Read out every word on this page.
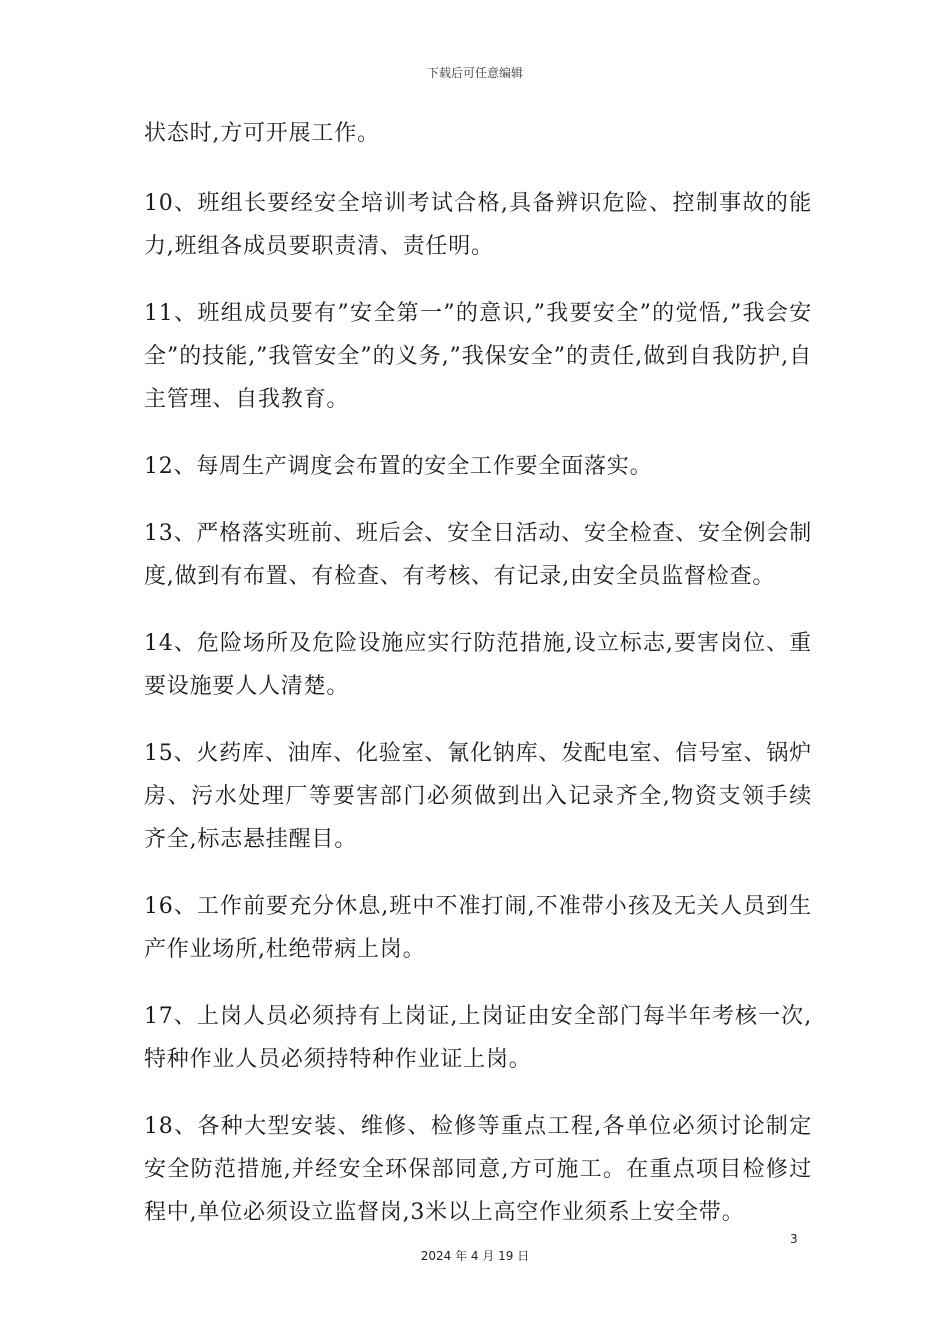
下载后可任意编辑

状态时,方可开展工作。

10、班组长要经安全培训考试合格,具备辨识危险、控制事故的能力,班组各成员要职责清、责任明。

11、班组成员要有”安全第一”的意识,”我要安全”的觉悟,”我会安全”的技能,”我管安全”的义务,”我保安全”的责任,做到自我防护,自主管理、自我教育。

12、每周生产调度会布置的安全工作要全面落实。

13、严格落实班前、班后会、安全日活动、安全检查、安全例会制度,做到有布置、有检查、有考核、有记录,由安全员监督检查。

14、危险场所及危险设施应实行防范措施,设立标志,要害岗位、重要设施要人人清楚。

15、火药库、油库、化验室、氰化钠库、发配电室、信号室、锅炉房、污水处理厂等要害部门必须做到出入记录齐全,物资支领手续齐全,标志悬挂醒目。

16、工作前要充分休息,班中不准打闹,不准带小孩及无关人员到生产作业场所,杜绝带病上岗。

17、上岗人员必须持有上岗证,上岗证由安全部门每半年考核一次,特种作业人员必须持特种作业证上岗。

18、各种大型安装、维修、检修等重点工程,各单位必须讨论制定安全防范措施,并经安全环保部同意,方可施工。在重点项目检修过程中,单位必须设立监督岗,3米以上高空作业须系上安全带。

3
2024 年 4 月 19 日
